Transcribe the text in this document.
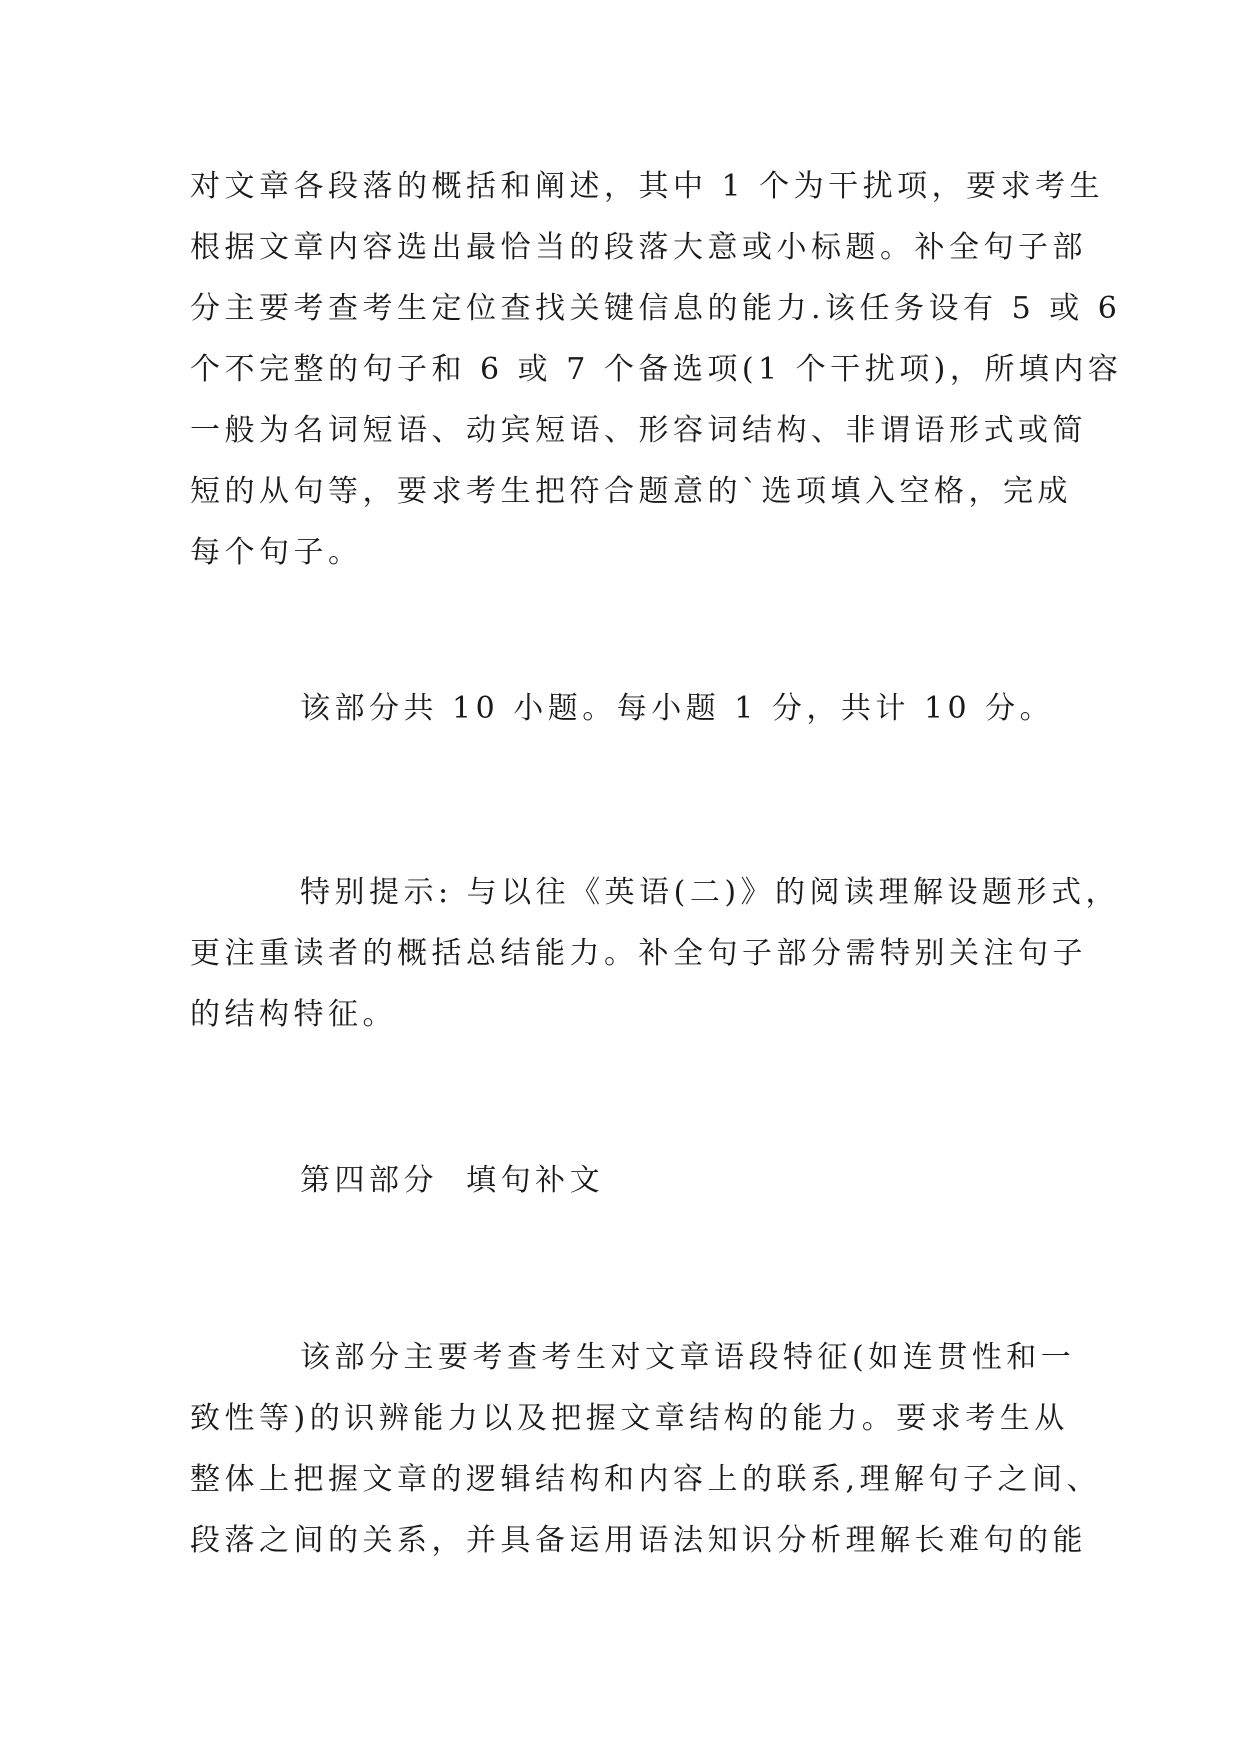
对文章各段落的概括和阐述，其中 1 个为干扰项，要求考生
根据文章内容选出最恰当的段落大意或小标题。补全句子部
分主要考查考生定位查找关键信息的能力.该任务设有 5 或 6
个不完整的句子和 6 或 7 个备选项(1 个干扰项)，所填内容
一般为名词短语、动宾短语、形容词结构、非谓语形式或简
短的从句等，要求考生把符合题意的`选项填入空格，完成
每个句子。
该部分共 10 小题。每小题 1 分，共计 10 分。
特别提示: 与以往《英语(二)》的阅读理解设题形式，
更注重读者的概括总结能力。补全句子部分需特别关注句子
的结构特征。
第四部分  填句补文
该部分主要考查考生对文章语段特征(如连贯性和一
致性等)的识辨能力以及把握文章结构的能力。要求考生从
整体上把握文章的逻辑结构和内容上的联系,理解句子之间、
段落之间的关系，并具备运用语法知识分析理解长难句的能
